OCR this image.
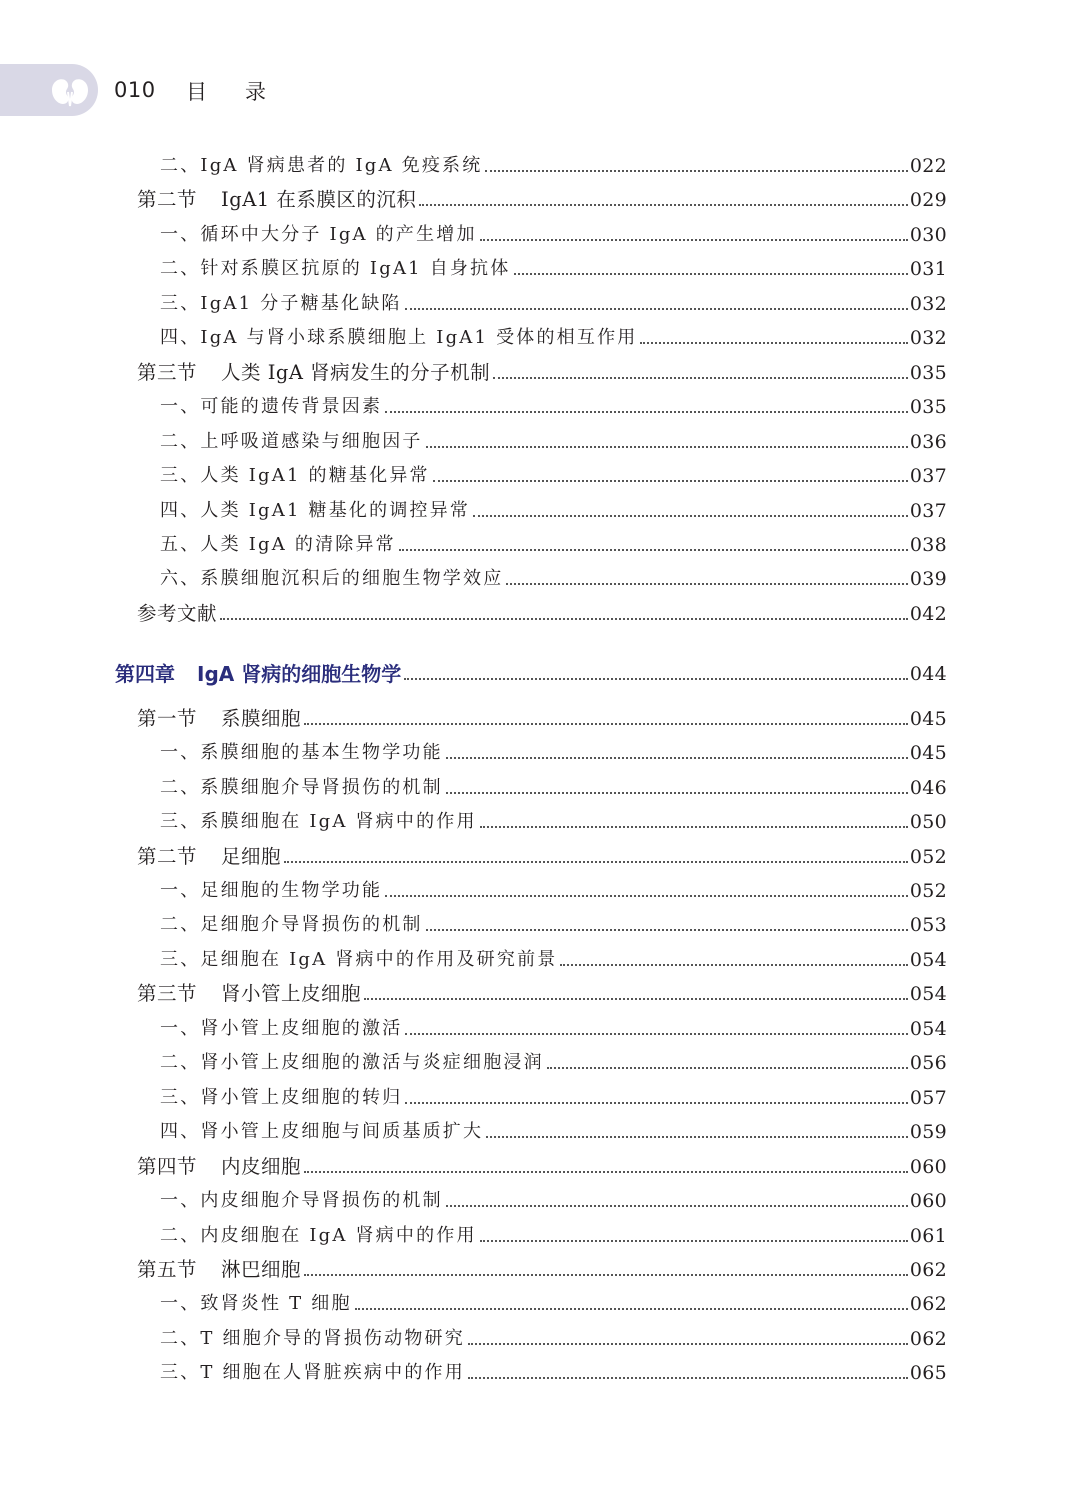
010 目录
二、IgA 肾病患者的 IgA 免疫系统	022
第二节 IgA1 在系膜区的沉积	029
一、循环中大分子 IgA 的产生增加	030
二、针对系膜区抗原的 IgA1 自身抗体	031
三、IgA1 分子糖基化缺陷	032
四、IgA 与肾小球系膜细胞上 IgA1 受体的相互作用	032
第三节 人类 IgA 肾病发生的分子机制	035
一、可能的遗传背景因素	035
二、上呼吸道感染与细胞因子	036
三、人类 IgA1 的糖基化异常	037
四、人类 IgA1 糖基化的调控异常	037
五、人类 IgA 的清除异常	038
六、系膜细胞沉积后的细胞生物学效应	039
参考文献	042
第四章 IgA 肾病的细胞生物学	044
第一节 系膜细胞	045
一、系膜细胞的基本生物学功能	045
二、系膜细胞介导肾损伤的机制	046
三、系膜细胞在 IgA 肾病中的作用	050
第二节 足细胞	052
一、足细胞的生物学功能	052
二、足细胞介导肾损伤的机制	053
三、足细胞在 IgA 肾病中的作用及研究前景	054
第三节 肾小管上皮细胞	054
一、肾小管上皮细胞的激活	054
二、肾小管上皮细胞的激活与炎症细胞浸润	056
三、肾小管上皮细胞的转归	057
四、肾小管上皮细胞与间质基质扩大	059
第四节 内皮细胞	060
一、内皮细胞介导肾损伤的机制	060
二、内皮细胞在 IgA 肾病中的作用	061
第五节 淋巴细胞	062
一、致肾炎性 T 细胞	062
二、T 细胞介导的肾损伤动物研究	062
三、T 细胞在人肾脏疾病中的作用	065
